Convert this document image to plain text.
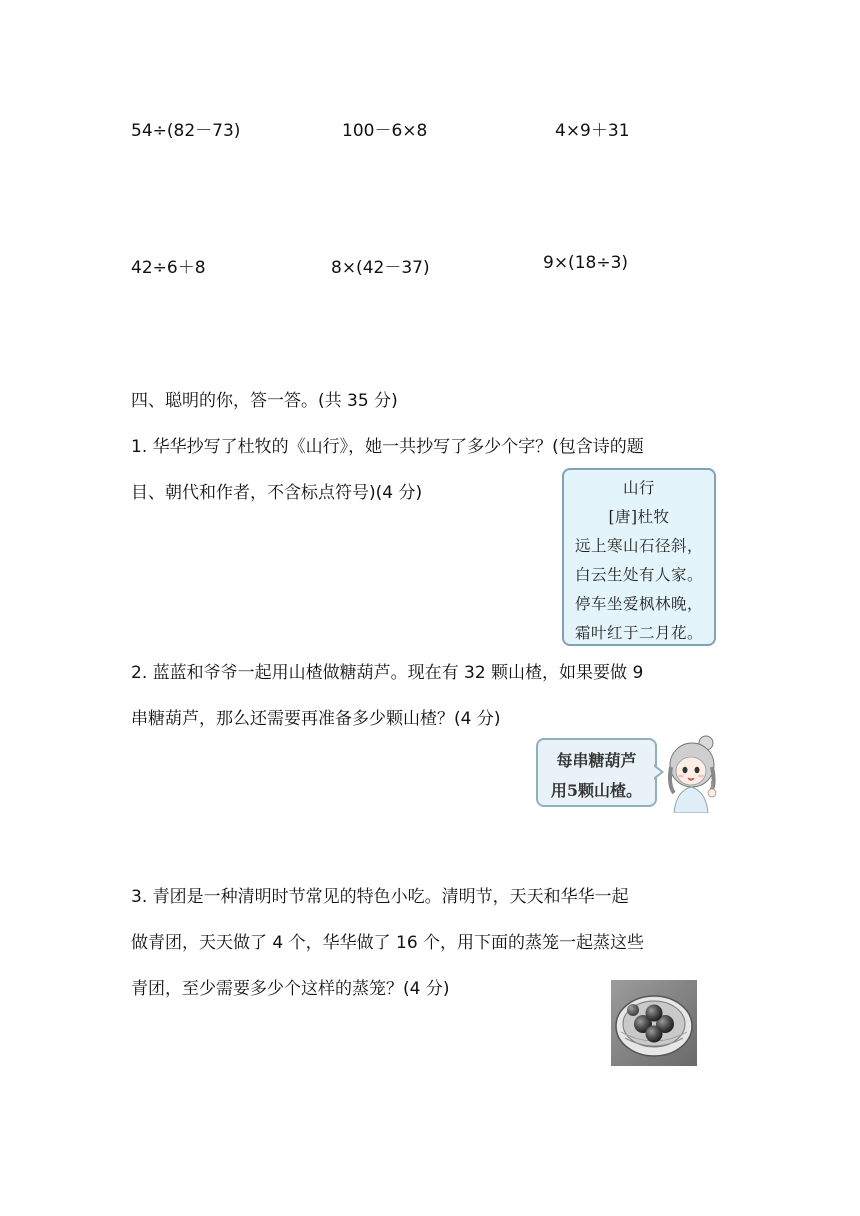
54÷(82－73)	100－6×8	4×9＋31
42÷6＋8	8×(42－37)	9×(18÷3)
四、聪明的你，答一答。(共 35 分)
1. 华华抄写了杜牧的《山行》，她一共抄写了多少个字？(包含诗的题
目、朝代和作者，不含标点符号)(4 分)	山行
[唐]杜牧
远上寒山石径斜，
白云生处有人家。
停车坐爱枫林晚，
霜叶红于二月花。
2. 蓝蓝和爷爷一起用山楂做糖葫芦。现在有 32 颗山楂，如果要做 9
串糖葫芦，那么还需要再准备多少颗山楂？(4 分)
每串糖葫芦
用5颗山楂。
3. 青团是一种清明时节常见的特色小吃。清明节，天天和华华一起
做青团，天天做了 4 个，华华做了 16 个，用下面的蒸笼一起蒸这些
青团，至少需要多少个这样的蒸笼？(4 分)
